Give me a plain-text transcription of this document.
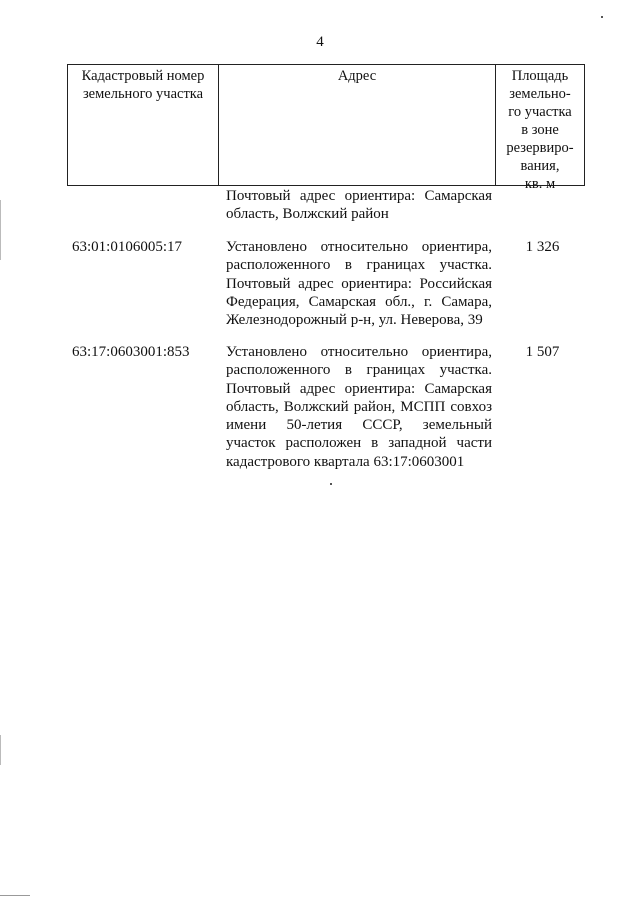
4
Кадастровый номер
земельного участка
Адрес	Площадь
земельно-
го участка
в зоне
резервиро-
вания,
кв. м
Почтовый адрес ориентира: Самарская
область, Волжский район
63:01:0106005:17	Установлено относительно ориентира,
расположенного в границах участка.
Почтовый адрес ориентира: Российская
Федерация, Самарская обл., г. Самара,
Железнодорожный р-н, ул. Неверова, 39
1 326
63:17:0603001:853 Установлено относительно ориентира,
расположенного в границах участка.
Почтовый адрес ориентира: Самарская
область, Волжский район, МСПП совхоз
имени 50-летия СССР, земельный
участок расположен в западной части
кадастрового квартала 63:17:0603001
1 507
